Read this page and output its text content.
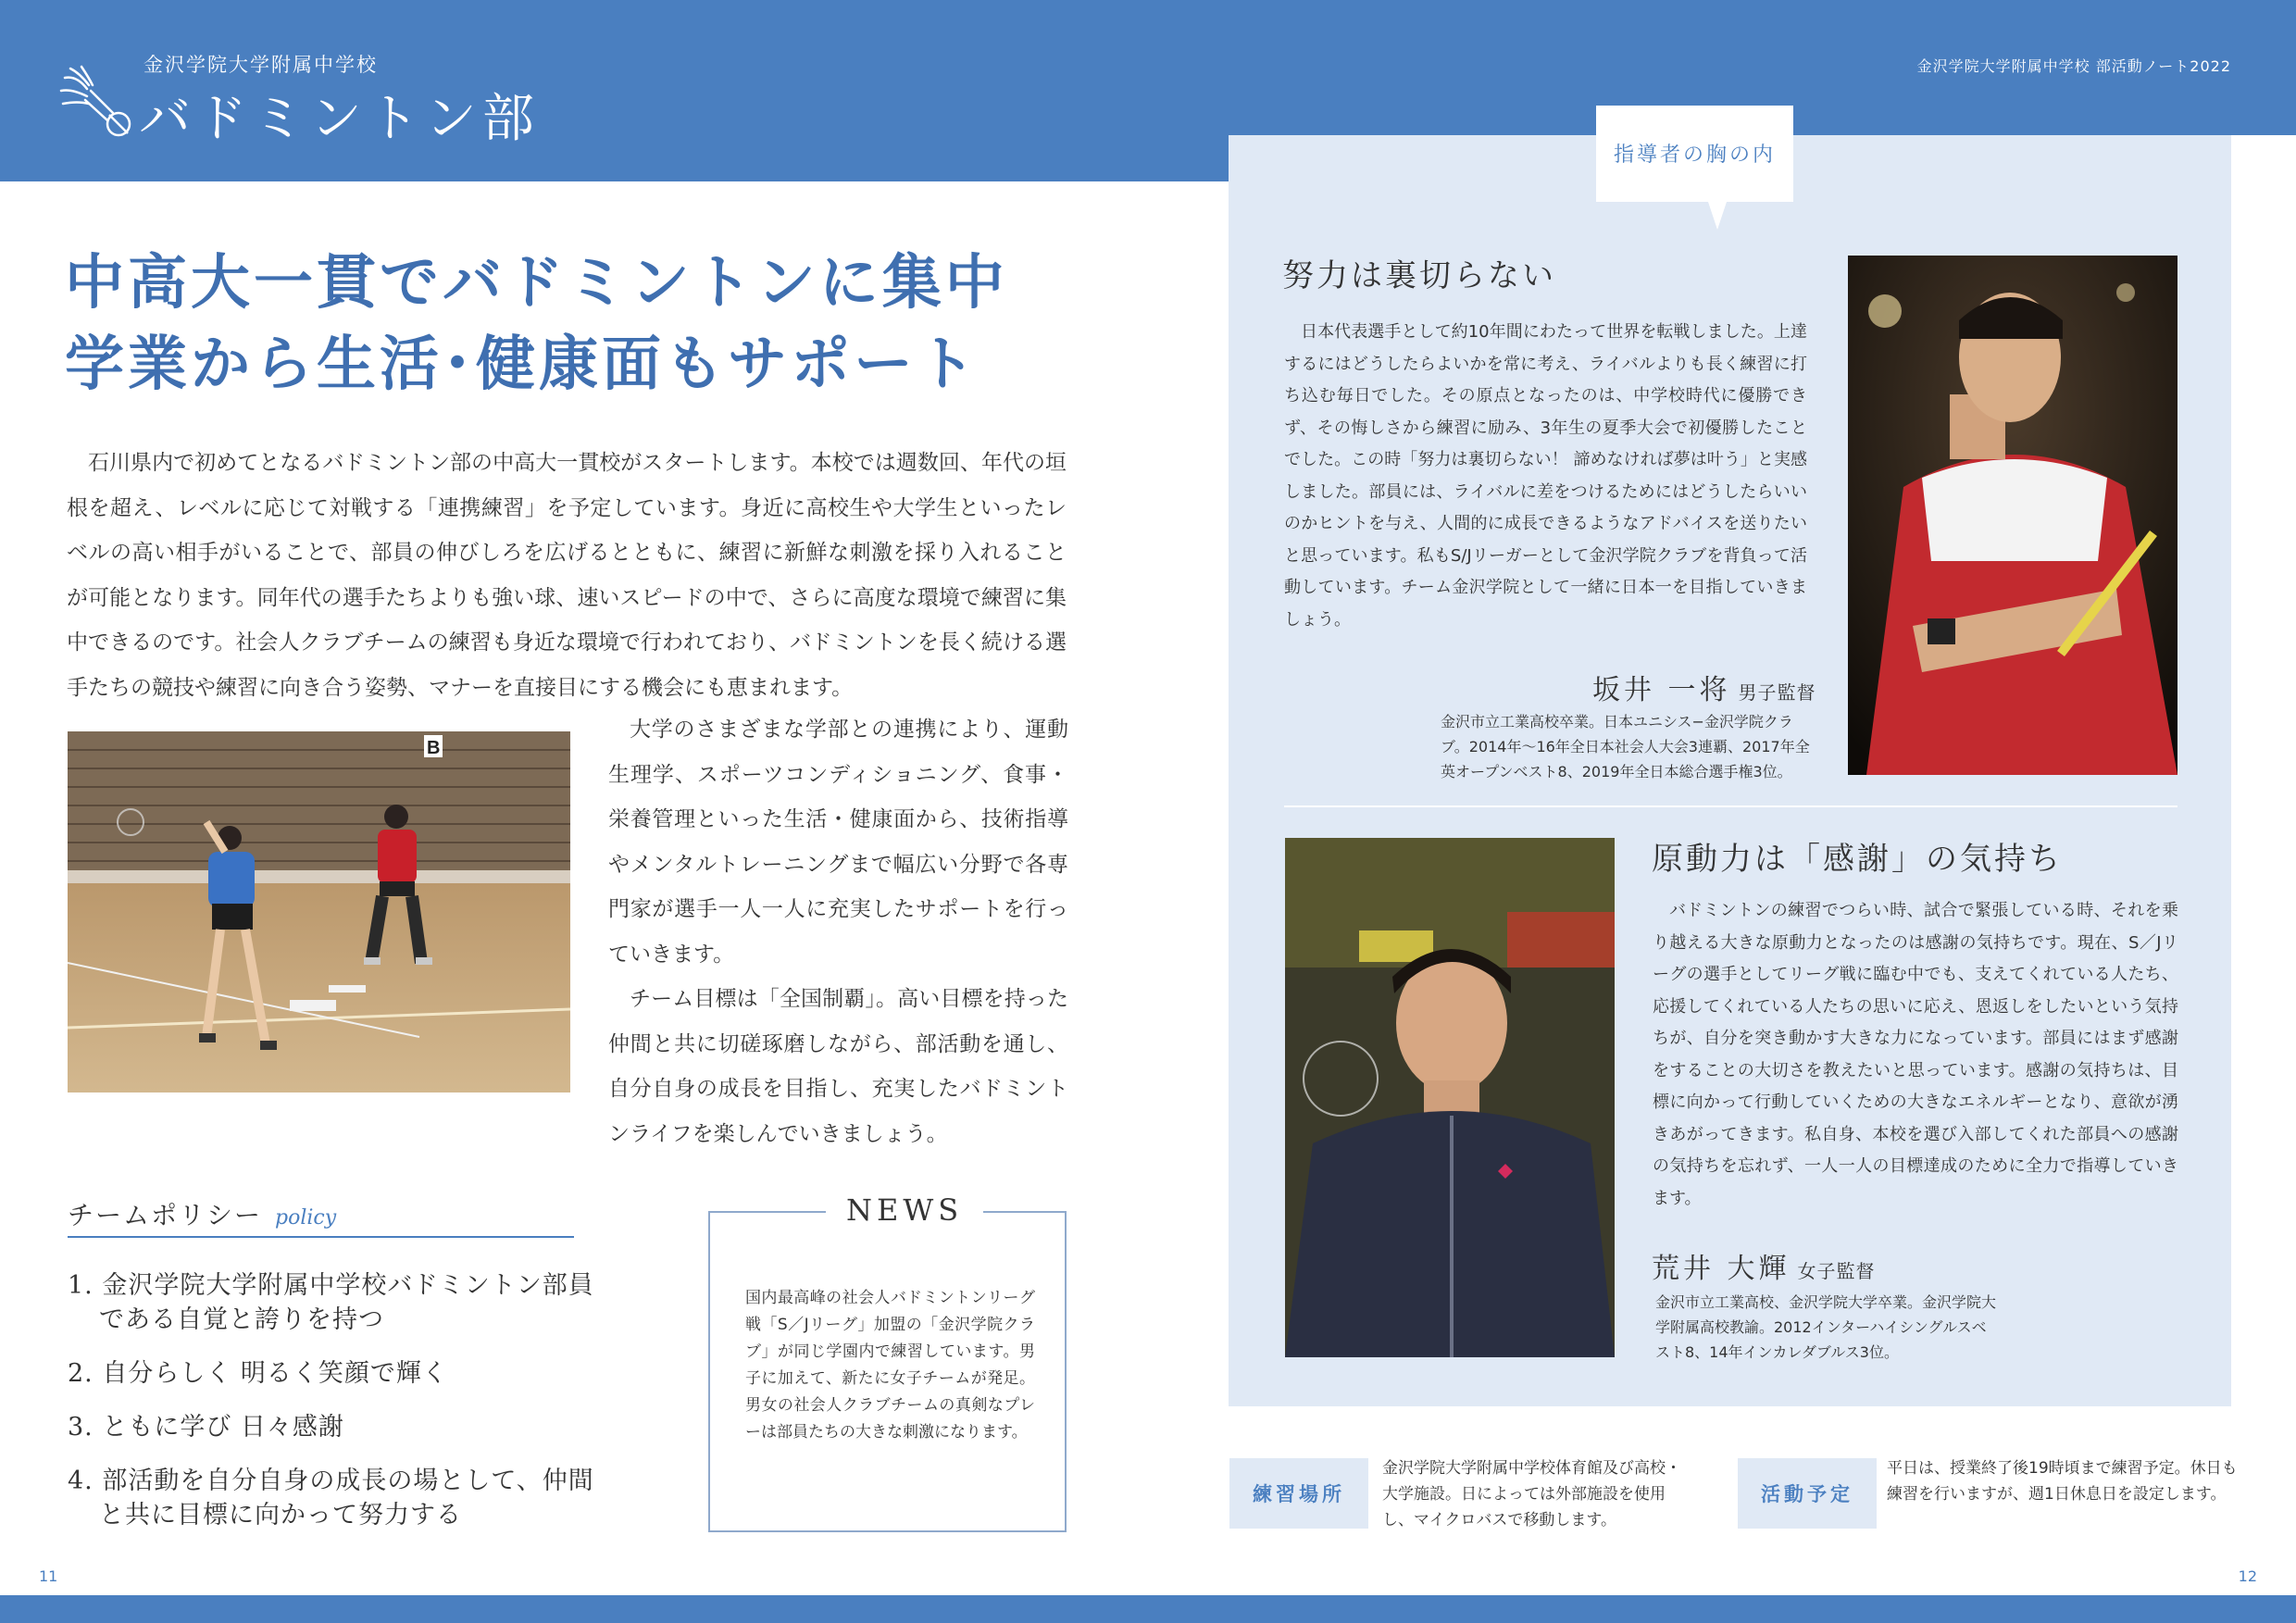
金沢学院大学附属中学校
バドミントン部
金沢学院大学附属中学校 部活動ノート2022
中高大一貫でバドミントンに集中
学業から生活･健康面もサポート

石川県内で初めてとなるバドミントン部の中高大一貫校がスタートします。本校では週数回、年代の垣根を超え、レベルに応じて対戦する「連携練習」を予定しています。身近に高校生や大学生といったレベルの高い相手がいることで、部員の伸びしろを広げるとともに、練習に新鮮な刺激を採り入れることが可能となります。同年代の選手たちよりも強い球、速いスピードの中で、さらに高度な環境で練習に集中できるのです。社会人クラブチームの練習も身近な環境で行われており、バドミントンを長く続ける選手たちの競技や練習に向き合う姿勢、マナーを直接目にする機会にも恵まれます。

B

大学のさまざまな学部との連携により、運動生理学、スポーツコンディショニング、食事・栄養管理といった生活・健康面から、技術指導やメンタルトレーニングまで幅広い分野で各専門家が選手一人一人に充実したサポートを行っていきます。

チーム目標は「全国制覇」。高い目標を持った仲間と共に切磋琢磨しながら、部活動を通し、自分自身の成長を目指し、充実したバドミントンライフを楽しんでいきましょう。

チームポリシー policy
1. 金沢学院大学附属中学校バドミントン部員である自覚と誇りを持つ
2. 自分らしく 明るく笑顔で輝く
3. ともに学び 日々感謝
4. 部活動を自分自身の成長の場として、仲間と共に目標に向かって努力する
NEWS

国内最高峰の社会人バドミントンリーグ戦「S／Jリーグ」加盟の「金沢学院クラブ」が同じ学園内で練習しています。男子に加えて、新たに女子チームが発足。男女の社会人クラブチームの真剣なプレーは部員たちの大きな刺激になります。

11	12
指導者の胸の内
努力は裏切らない

日本代表選手として約10年間にわたって世界を転戦しました。上達するにはどうしたらよいかを常に考え、ライバルよりも長く練習に打ち込む毎日でした。その原点となったのは、中学校時代に優勝できず、その悔しさから練習に励み、3年生の夏季大会で初優勝したことでした。この時「努力は裏切らない！ 諦めなければ夢は叶う」と実感しました。部員には、ライバルに差をつけるためにはどうしたらいいのかヒントを与え、人間的に成長できるようなアドバイスを送りたいと思っています。私もS/Jリーガーとして金沢学院クラブを背負って活動しています。チーム金沢学院として一緒に日本一を目指していきましょう。

坂井 一将 男子監督

金沢市立工業高校卒業。日本ユニシス−金沢学院クラブ。2014年〜16年全日本社会人大会3連覇、2017年全英オープンベスト8、2019年全日本総合選手権3位。

原動力は「感謝」の気持ち

バドミントンの練習でつらい時、試合で緊張している時、それを乗り越える大きな原動力となったのは感謝の気持ちです。現在、S／Jリーグの選手としてリーグ戦に臨む中でも、支えてくれている人たち、応援してくれている人たちの思いに応え、恩返しをしたいという気持ちが、自分を突き動かす大きな力になっています。部員にはまず感謝をすることの大切さを教えたいと思っています。感謝の気持ちは、目標に向かって行動していくための大きなエネルギーとなり、意欲が湧きあがってきます。私自身、本校を選び入部してくれた部員への感謝の気持ちを忘れず、一人一人の目標達成のために全力で指導していきます。

荒井 大輝 女子監督

金沢市立工業高校、金沢学院大学卒業。金沢学院大学附属高校教諭。2012インターハイシングルスベスト8、14年インカレダブルス3位。

練習場所

金沢学院大学附属中学校体育館及び高校・大学施設。日によっては外部施設を使用し、マイクロバスで移動します。

活動予定

平日は、授業終了後19時頃まで練習予定。休日も練習を行いますが、週1日休息日を設定します。
